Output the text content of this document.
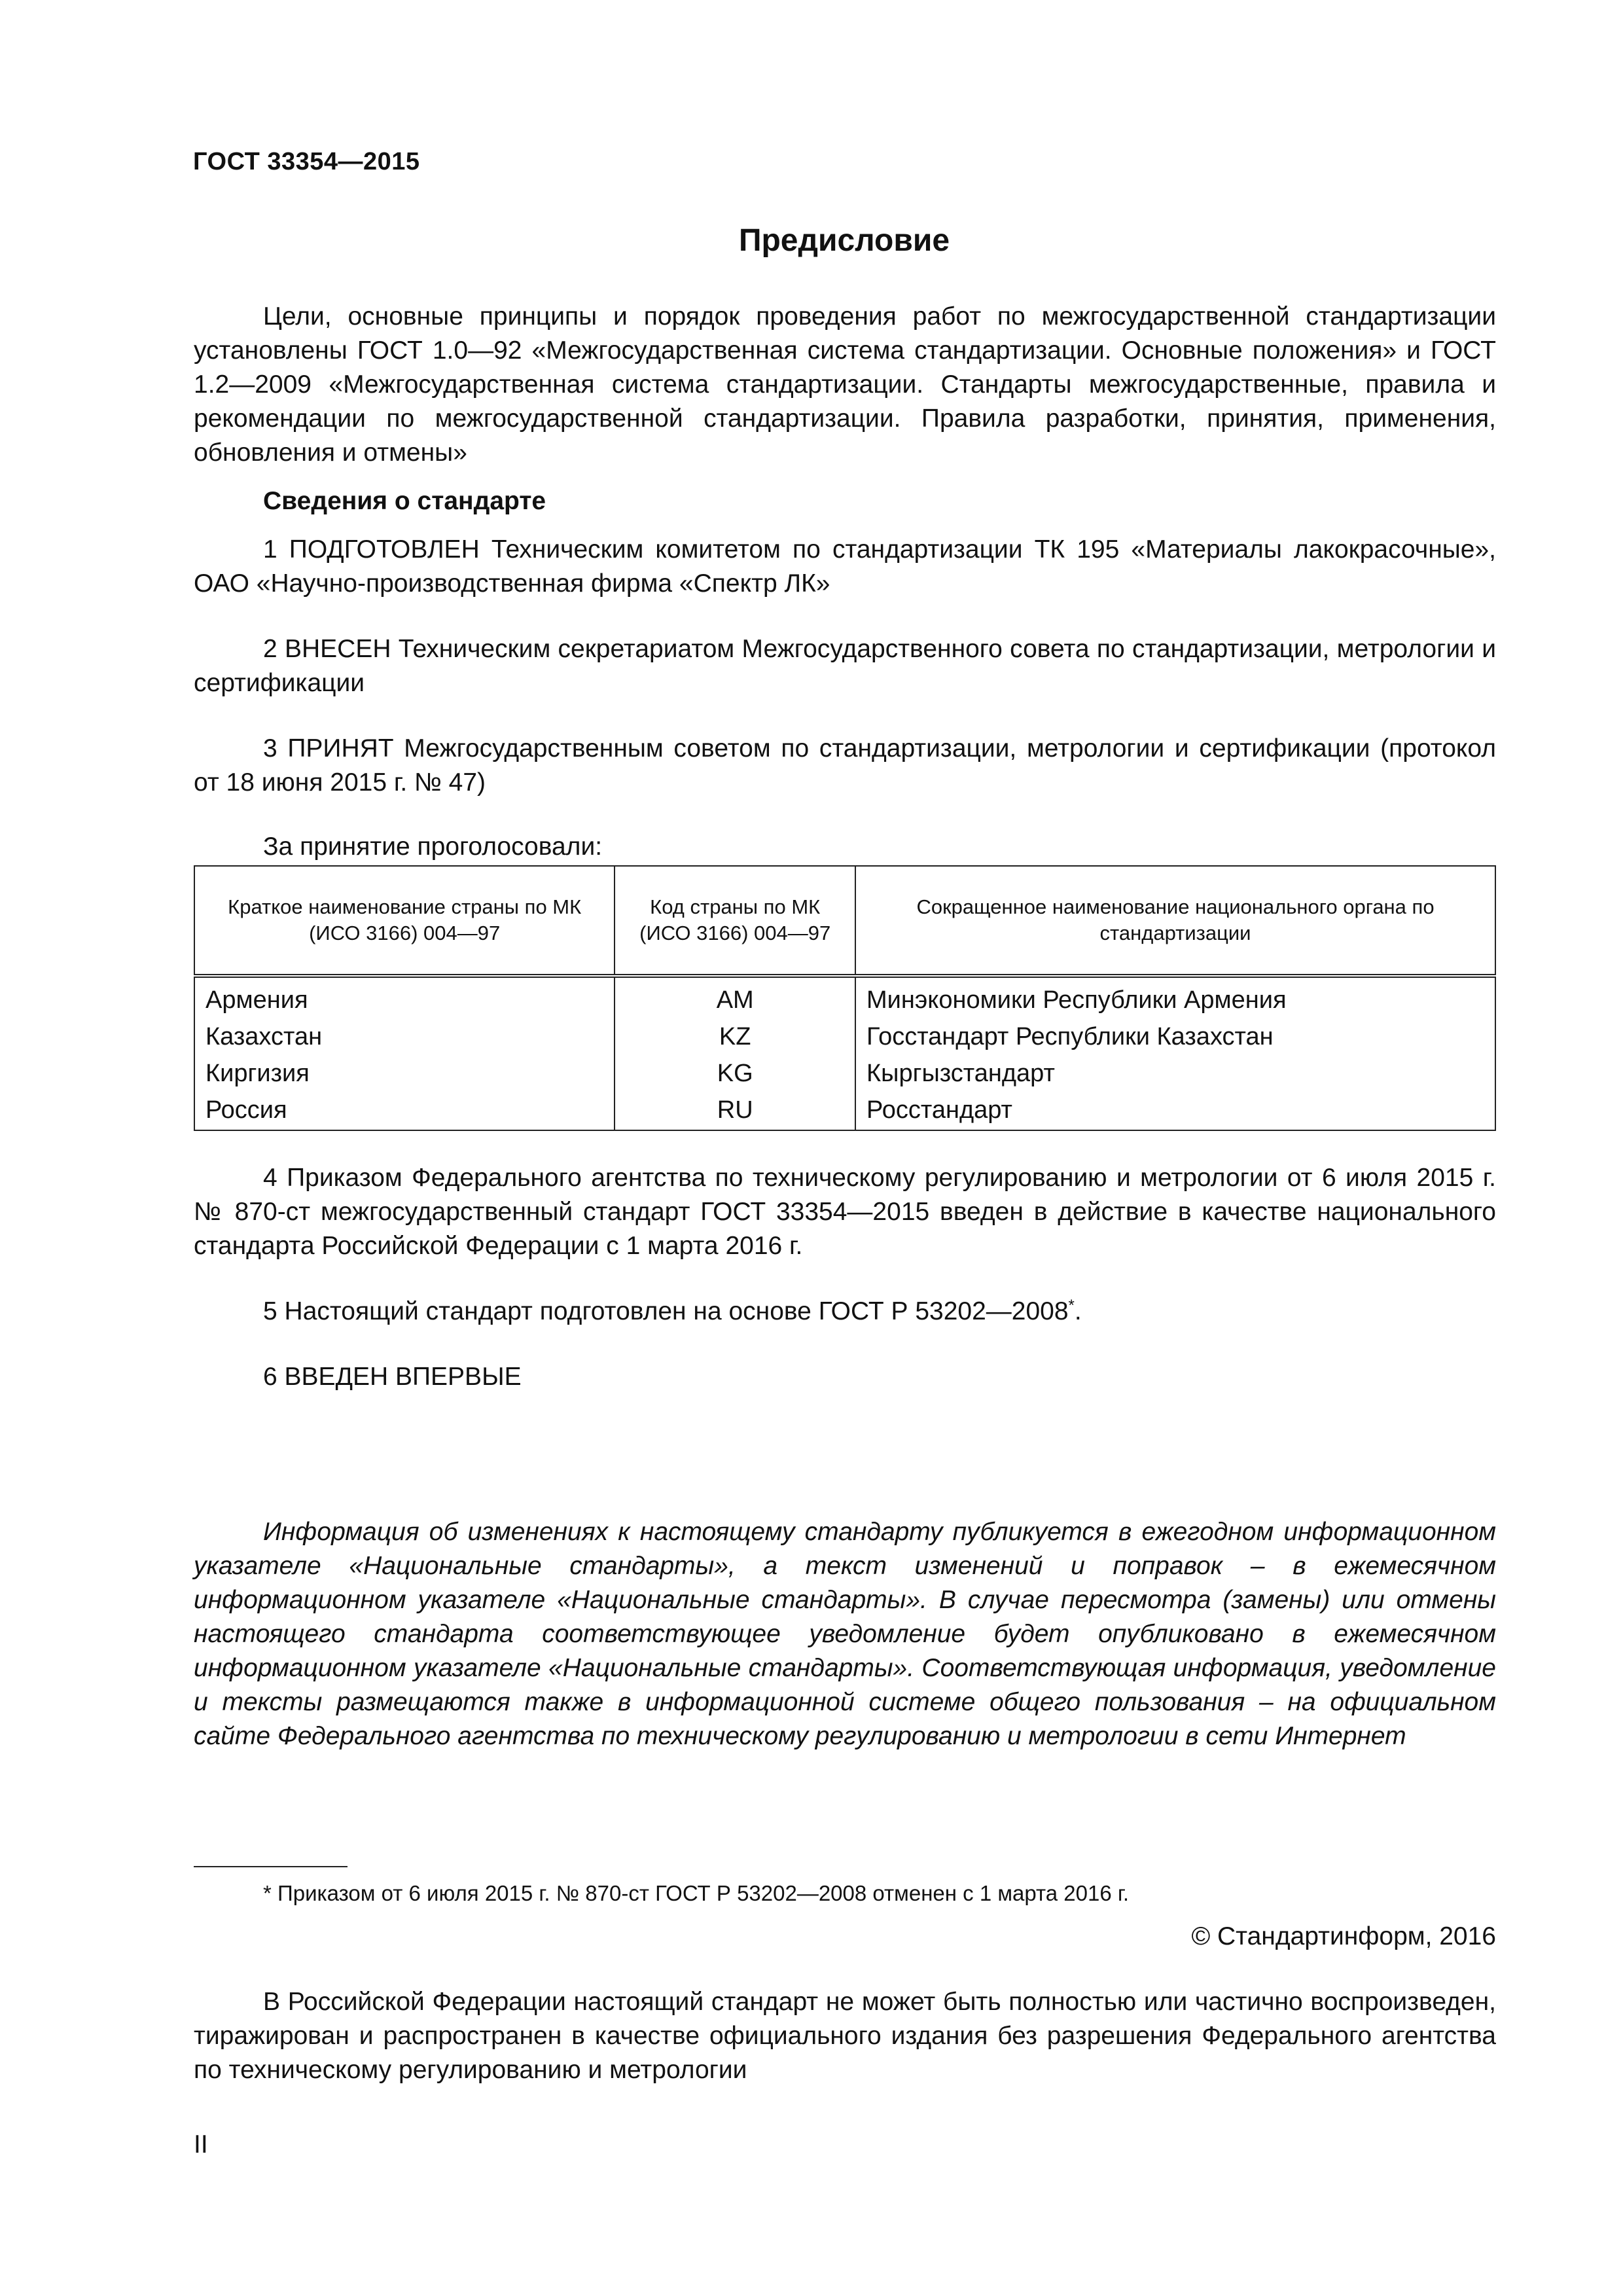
ГОСТ 33354—2015
Предисловие

Цели, основные принципы и порядок проведения работ по межгосударственной стандартизации установлены ГОСТ 1.0—92 «Межгосударственная система стандартизации. Основные положения» и ГОСТ 1.2—2009 «Межгосударственная система стандартизации. Стандарты межгосударственные, правила и рекомендации по межгосударственной стандартизации. Правила разработки, принятия, применения, обновления и отмены»

Сведения о стандарте

1 ПОДГОТОВЛЕН Техническим комитетом по стандартизации ТК 195 «Материалы лакокрасочные», ОАО «Научно-производственная фирма «Спектр ЛК»

2 ВНЕСЕН Техническим секретариатом Межгосударственного совета по стандартизации, метрологии и сертификации

3 ПРИНЯТ Межгосударственным советом по стандартизации, метрологии и сертификации (протокол от 18 июня 2015 г. № 47)

За принятие проголосовали:

Краткое наименование страны по МК (ИСО 3166) 004—97	Код страны по МК (ИСО 3166) 004—97	Сокращенное наименование национального органа по стандартизации
Армения	AM	Минэкономики Республики Армения
Казахстан	KZ	Госстандарт Республики Казахстан
Киргизия	KG	Кыргызстандарт
Россия	RU	Росстандарт

4 Приказом Федерального агентства по техническому регулированию и метрологии от 6 июля 2015 г. № 870-ст межгосударственный стандарт ГОСТ 33354—2015 введен в действие в качестве национального стандарта Российской Федерации с 1 марта 2016 г.

5 Настоящий стандарт подготовлен на основе ГОСТ Р 53202—2008*.

6 ВВЕДЕН ВПЕРВЫЕ

Информация об изменениях к настоящему стандарту публикуется в ежегодном информационном указателе «Национальные стандарты», а текст изменений и поправок – в ежемесячном информационном указателе «Национальные стандарты». В случае пересмотра (замены) или отмены настоящего стандарта соответствующее уведомление будет опубликовано в ежемесячном информационном указателе «Национальные стандарты». Соответствующая информация, уведомление и тексты размещаются также в информационной системе общего пользования – на официальном сайте Федерального агентства по техническому регулированию и метрологии в сети Интернет

* Приказом от 6 июля 2015 г. № 870-ст ГОСТ Р 53202—2008 отменен с 1 марта 2016 г.

© Стандартинформ, 2016

В Российской Федерации настоящий стандарт не может быть полностью или частично воспроизведен, тиражирован и распространен в качестве официального издания без разрешения Федерального агентства по техническому регулированию и метрологии

II
